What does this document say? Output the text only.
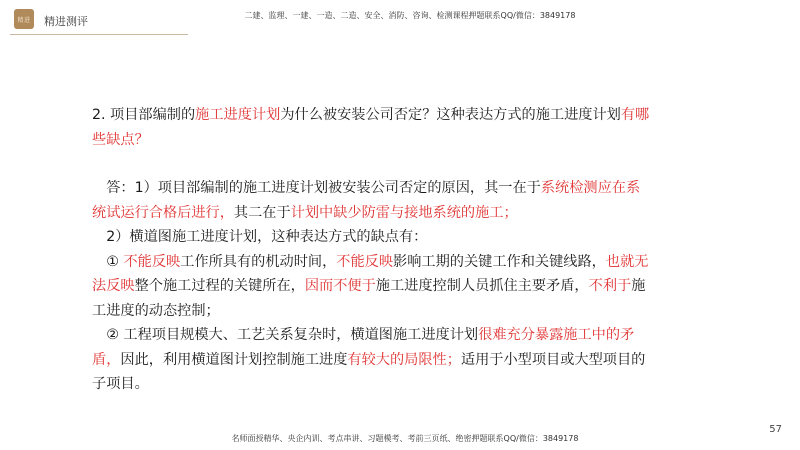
精进 精进测评	二建、监理、一建、一造、二造、安全、消防、咨询、检测课程押题联系QQ/微信：3849178

2. 项目部编制的施工进度计划为什么被安装公司否定？这种表达方式的施工进度计划有哪些缺点？

　答：1）项目部编制的施工进度计划被安装公司否定的原因，其一在于系统检测应在系统试运行合格后进行，其二在于计划中缺少防雷与接地系统的施工；

　2）横道图施工进度计划，这种表达方式的缺点有：

　① 不能反映工作所具有的机动时间，不能反映影响工期的关键工作和关键线路，也就无法反映整个施工过程的关键所在，因而不便于施工进度控制人员抓住主要矛盾，不利于施工进度的动态控制；

　② 工程项目规模大、工艺关系复杂时，横道图施工进度计划很难充分暴露施工中的矛盾，因此，利用横道图计划控制施工进度有较大的局限性；适用于小型项目或大型项目的子项目。

57
名师面授精华、央企内训、考点串讲、习题模考、考前三页纸、绝密押题联系QQ/微信：3849178
